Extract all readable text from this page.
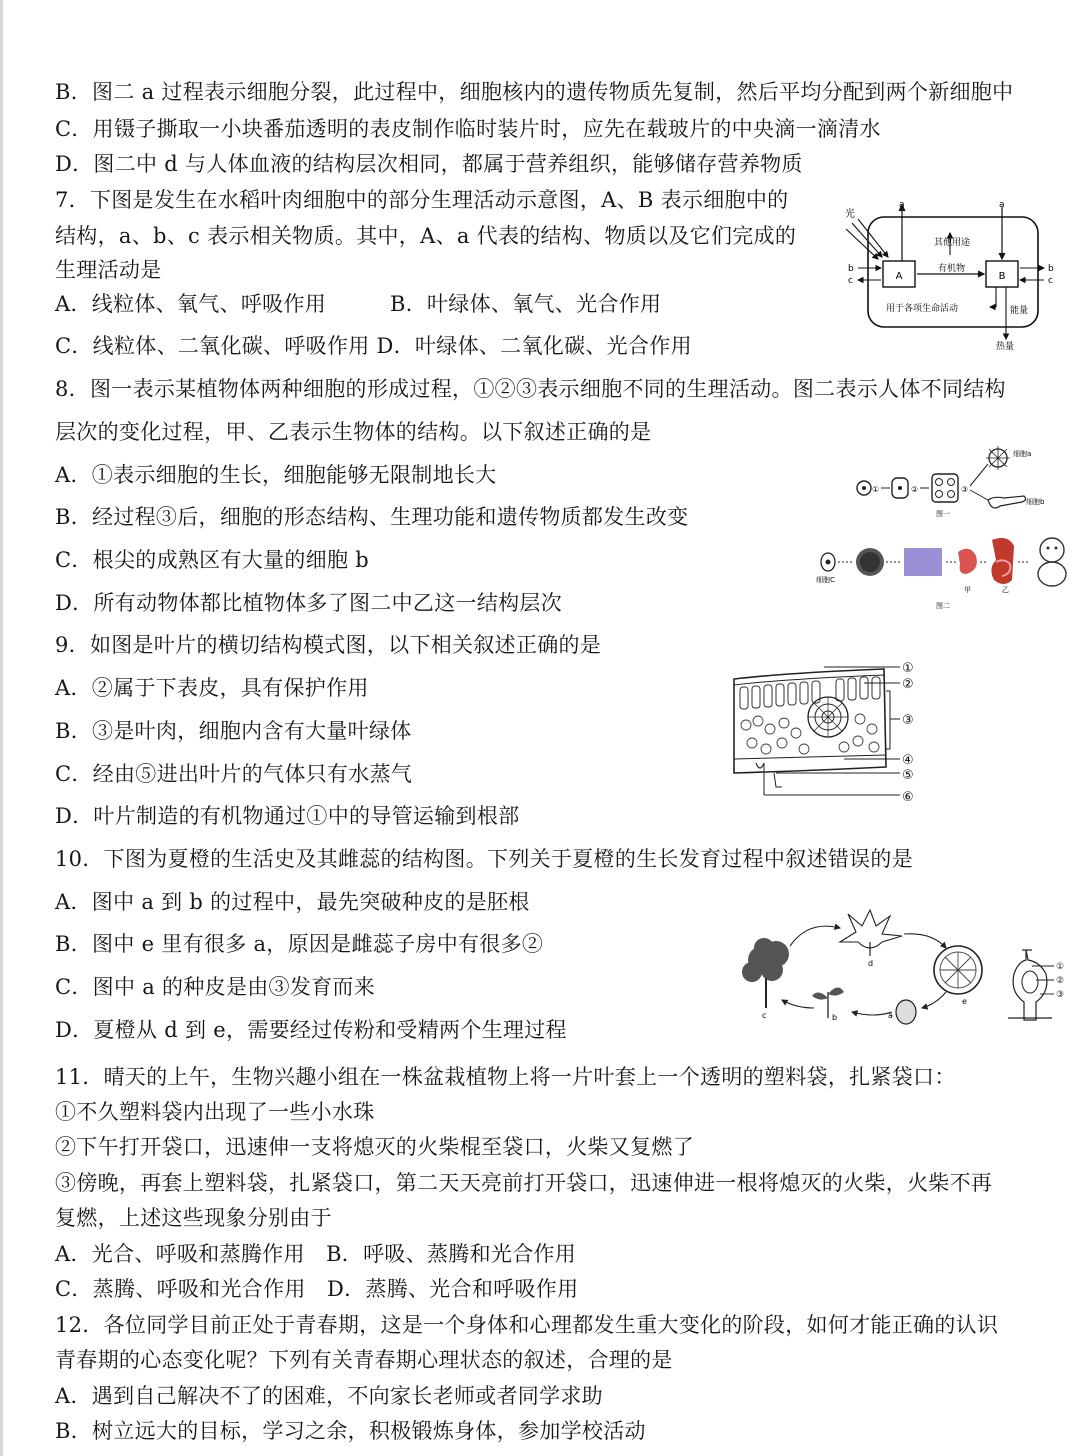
B．图二 a 过程表示细胞分裂，此过程中，细胞核内的遗传物质先复制，然后平均分配到两个新细胞中
C．用镊子撕取一小块番茄透明的表皮制作临时装片时，应先在载玻片的中央滴一滴清水
D．图二中 d 与人体血液的结构层次相同，都属于营养组织，能够储存营养物质
7．下图是发生在水稻叶肉细胞中的部分生理活动示意图，A、B 表示细胞中的
结构，a、b、c 表示相关物质。其中，A、a 代表的结构、物质以及它们完成的
生理活动是
A．线粒体、氧气、呼吸作用　　　B．叶绿体、氧气、光合作用
C．线粒体、二氧化碳、呼吸作用 D．叶绿体、二氧化碳、光合作用
8．图一表示某植物体两种细胞的形成过程，①②③表示细胞不同的生理活动。图二表示人体不同结构
层次的变化过程，甲、乙表示生物体的结构。以下叙述正确的是
A．①表示细胞的生长，细胞能够无限制地长大
B．经过程③后，细胞的形态结构、生理功能和遗传物质都发生改变
C．根尖的成熟区有大量的细胞 b
D．所有动物体都比植物体多了图二中乙这一结构层次
9．如图是叶片的横切结构模式图，以下相关叙述正确的是
A．②属于下表皮，具有保护作用
B．③是叶肉，细胞内含有大量叶绿体
C．经由⑤进出叶片的气体只有水蒸气
D．叶片制造的有机物通过①中的导管运输到根部
10．下图为夏橙的生活史及其雌蕊的结构图。下列关于夏橙的生长发育过程中叙述错误的是
A．图中 a 到 b 的过程中，最先突破种皮的是胚根
B．图中 e 里有很多 a，原因是雌蕊子房中有很多②
C．图中 a 的种皮是由③发育而来
D．夏橙从 d 到 e，需要经过传粉和受精两个生理过程
11．晴天的上午，生物兴趣小组在一株盆栽植物上将一片叶套上一个透明的塑料袋，扎紧袋口：
①不久塑料袋内出现了一些小水珠
②下午打开袋口，迅速伸一支将熄灭的火柴棍至袋口，火柴又复燃了
③傍晚，再套上塑料袋，扎紧袋口，第二天天亮前打开袋口，迅速伸进一根将熄灭的火柴，火柴不再
复燃，上述这些现象分别由于
A．光合、呼吸和蒸腾作用　B．呼吸、蒸腾和光合作用
C．蒸腾、呼吸和光合作用　D．蒸腾、光合和呼吸作用
12．各位同学目前正处于青春期，这是一个身体和心理都发生重大变化的阶段，如何才能正确的认识
青春期的心态变化呢？下列有关青春期心理状态的叙述，合理的是
A．遇到自己解决不了的困难，不向家长老师或者同学求助
B．树立远大的目标，学习之余，积极锻炼身体，参加学校活动
A	B
光
a	a
b
c
b
c
有机物
其他用途
用于各项生命活动	能量
热量
①	②	③
细胞a
细胞b
图一
细胞C
甲	乙
图二
①
②
③
④
⑤
⑥
c
d
e
a
b
①
②
③
